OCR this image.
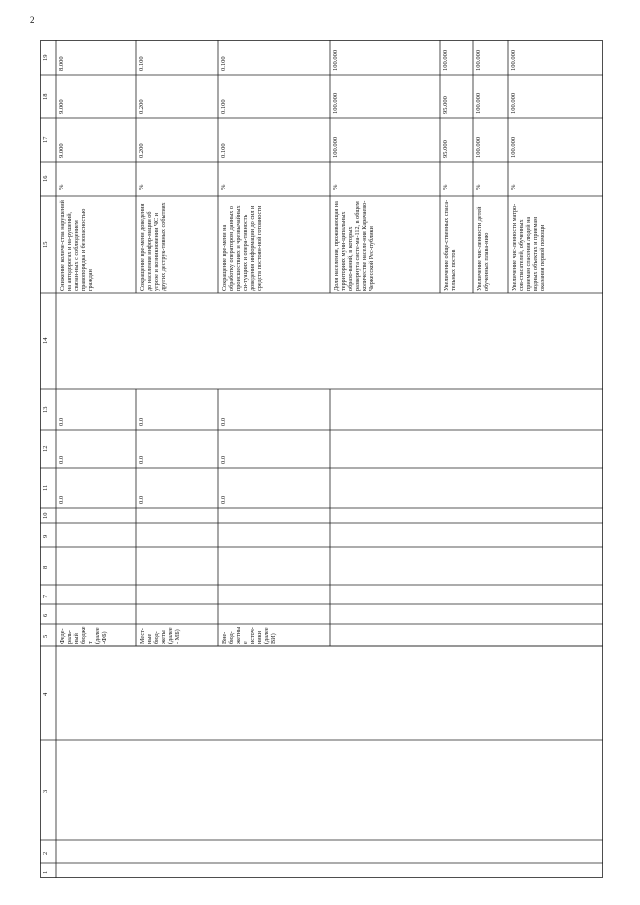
2
1
2
3
4
5
6
7
8
9
10
11
12
13
14
15
16
17
18
19
Снижение количе-ства нарушений на автодорогах и на-рушений, связан-ных с соблюдением правопорядка и безопасностью граждан
%
9.000
9.000
8.000
Сокращение вре-мени доведения до населения инфор-мации об угрозе и возникновении ЧС и других деструк-тивных событиях
%
0.200
0.200
0.100
Сокращение вре-мени на обработку оператором данных о происшествиях и чрезвычайных си-туациях и опера-тивность доведения информации до сил и средств постоян-ной готовности
%
0.100
0.100
0.100
Доля населения, проживающая на территориях муни-ципальных образо-ваний, в которых развернута систе-ма-112, в общем количестве населе-ния Карачаево-Черкесской Рес-публики
%
100.000
100.000
100.000
Увеличение обще-ственных спаса-тельных постов
%
95.000
95.000
100.000
Увеличение чис-ленности детей обученных плава-нию
%
100.000
100.000
100.000
Увеличение чис-ленности матро-сов-спасателей, обученных приемам спасения людей на водных объектах и приемам оказания первой помощи
%
100.000
100.000
100.000
Феде-раль-ный бюджет (далее-ФБ)
0.0
0.0
0.0
Мест-ные бюд-жеты (далее - МБ)
0.0
0.0
0.0
Вне-бюд-жетные источ-ники (далее ВИ)
0.0
0.0
0.0
